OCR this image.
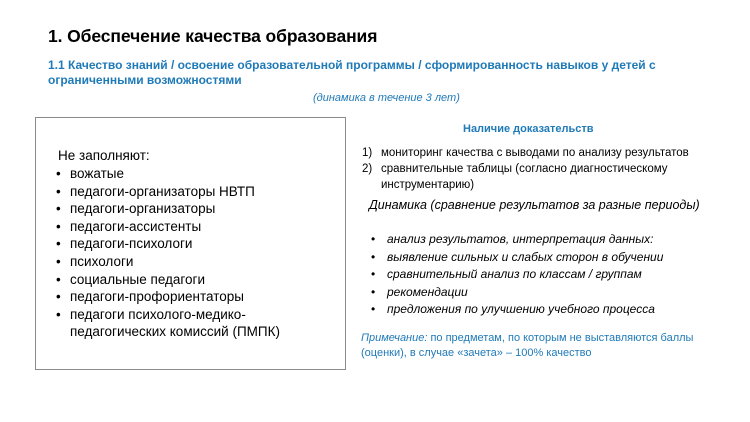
1. Обеспечение качества образования
1.1 Качество знаний / освоение образовательной программы / сформированность навыков у детей с ограниченными возможностями
(динамика в течение 3 лет)
Не заполняют:
• вожатые
• педагоги-организаторы НВТП
• педагоги-организаторы
• педагоги-ассистенты
• педагоги-психологи
• психологи
• социальные педагоги
• педагоги-профориентаторы
• педагоги психолого-медико-педагогических комиссий (ПМПК)
Наличие доказательств
1) мониторинг качества с выводами по анализу результатов
2) сравнительные таблицы (согласно диагностическому инструментарию)
Динамика (сравнение результатов за разные периоды)
• анализ результатов, интерпретация данных:
• выявление сильных и слабых сторон в обучении
• сравнительный анализ по классам / группам
• рекомендации
• предложения по улучшению учебного процесса
Примечание: по предметам, по которым не выставляются баллы (оценки), в случае «зачета» – 100% качество
